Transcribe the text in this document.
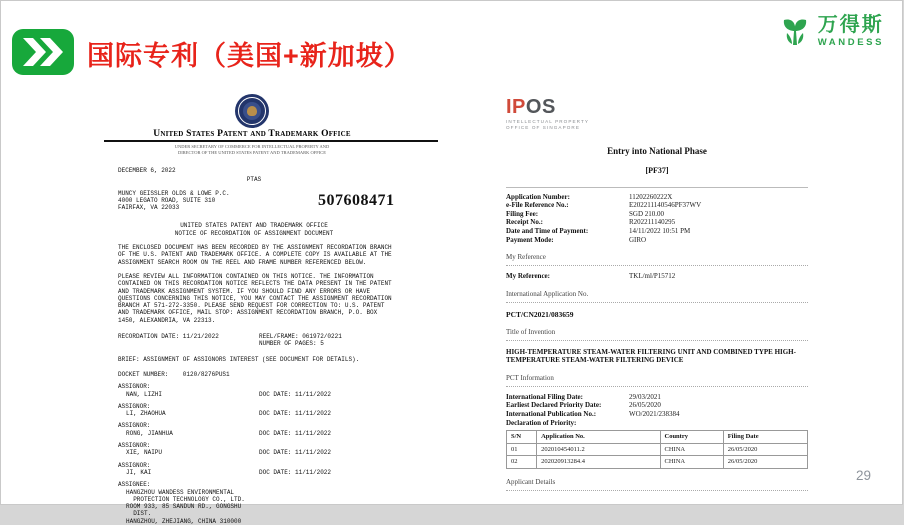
国际专利（美国+新加坡）
万得斯
WANDESS
United States Patent and Trademark Office
UNDER SECRETARY OF COMMERCE FOR INTELLECTUAL PROPERTY AND
DIRECTOR OF THE UNITED STATES PATENT AND TRADEMARK OFFICE
DECEMBER 6, 2022
PTAS
MUNCY GEISSLER OLDS & LOWE P.C.
4000 LEGATO ROAD, SUITE 310
FAIRFAX, VA 22033	507608471
UNITED STATES PATENT AND TRADEMARK OFFICE
NOTICE OF RECORDATION OF ASSIGNMENT DOCUMENT
THE ENCLOSED DOCUMENT HAS BEEN RECORDED BY THE ASSIGNMENT RECORDATION BRANCH OF THE U.S. PATENT AND TRADEMARK OFFICE. A COMPLETE COPY IS AVAILABLE AT THE ASSIGNMENT SEARCH ROOM ON THE REEL AND FRAME NUMBER REFERENCED BELOW.
PLEASE REVIEW ALL INFORMATION CONTAINED ON THIS NOTICE. THE INFORMATION CONTAINED ON THIS RECORDATION NOTICE REFLECTS THE DATA PRESENT IN THE PATENT AND TRADEMARK ASSIGNMENT SYSTEM. IF YOU SHOULD FIND ANY ERRORS OR HAVE QUESTIONS CONCERNING THIS NOTICE, YOU MAY CONTACT THE ASSIGNMENT RECORDATION BRANCH AT 571-272-3350. PLEASE SEND REQUEST FOR CORRECTION TO: U.S. PATENT AND TRADEMARK OFFICE, MAIL STOP: ASSIGNMENT RECORDATION BRANCH, P.O. BOX 1450, ALEXANDRIA, VA 22313.
RECORDATION DATE: 11/21/2022	REEL/FRAME: 061972/0221
NUMBER OF PAGES: 5
BRIEF: ASSIGNMENT OF ASSIGNORS INTEREST (SEE DOCUMENT FOR DETAILS).
DOCKET NUMBER:    0120/8276PUS1
ASSIGNOR:
NAN, LIZHI	DOC DATE: 11/11/2022
ASSIGNOR:
LI, ZHAOHUA	DOC DATE: 11/11/2022
ASSIGNOR:
RONG, JIANHUA	DOC DATE: 11/11/2022
ASSIGNOR:
XIE, NAIPU	DOC DATE: 11/11/2022
ASSIGNOR:
JI, KAI	DOC DATE: 11/11/2022
ASSIGNEE:
HANGZHOU WANDESS ENVIRONMENTAL
PROTECTION TECHNOLOGY CO., LTD.
ROOM 933, 85 SANDUN RD., GONGSHU
DIST.
HANGZHOU, ZHEJIANG, CHINA 310000
IPOS
INTELLECTUAL PROPERTY
OFFICE OF SINGAPORE
Entry into National Phase
[PF37]
Application Number:	11202260222X
e-File Reference No.:	E202211140546PF37WV
Filing Fee:	SGD 210.00
Receipt No.:	R202211140295
Date and Time of Payment:	14/11/2022 10:51 PM
Payment Mode:	GIRO
My Reference
My Reference:	TKL/ml/P15712
International Application No.
PCT/CN2021/083659
Title of Invention
HIGH-TEMPERATURE STEAM-WATER FILTERING UNIT AND COMBINED TYPE HIGH-TEMPERATURE STEAM-WATER FILTERING DEVICE
PCT Information
International Filing Date:	29/03/2021
Earliest Declared Priority Date:	26/05/2020
International Publication No.:	WO/2021/238384
Declaration of Priority:
S/N	Application No.	Country	Filing Date
01	202010454011.2	CHINA	26/05/2020
02	202020913284.4	CHINA	26/05/2020
Applicant Details	29
